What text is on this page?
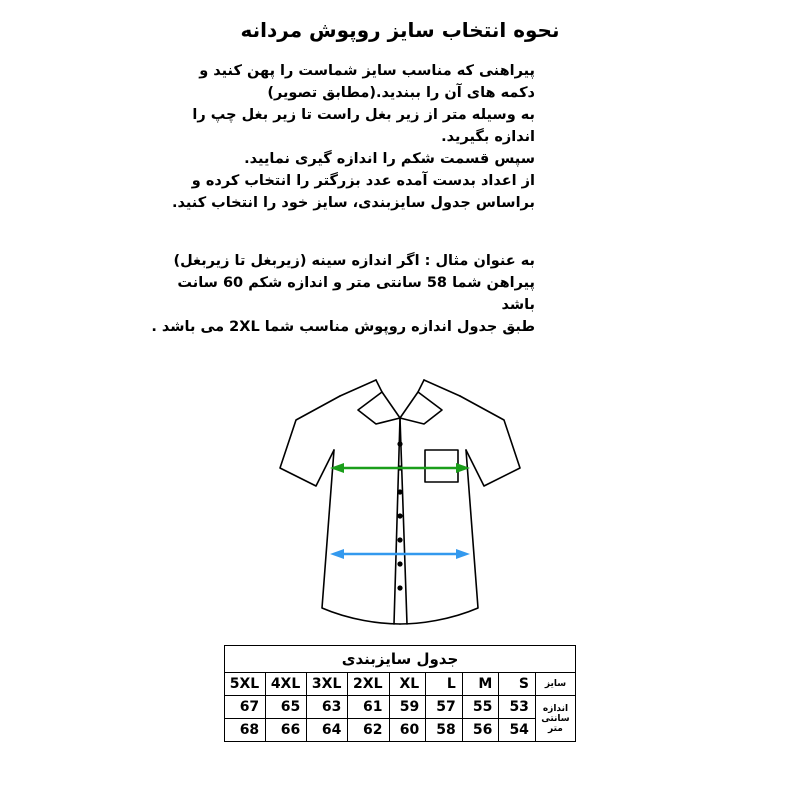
نحوه انتخاب سایز روپوش مردانه
پیراهنی که مناسب سایز شماست را پهن کنید و
دکمه های آن را ببندید.(مطابق تصویر)
به وسیله متر از زیر بغل راست تا زیر بغل چپ را
اندازه بگیرید.
سپس قسمت شکم را اندازه گیری نمایید.
از اعداد بدست آمده عدد بزرگتر را انتخاب کرده و
براساس جدول سایزبندی، سایز خود را انتخاب کنید.
به عنوان مثال : اگر اندازه سینه (زیربغل تا زیربغل)
پیراهن شما 58 سانتی متر و اندازه شکم 60 سانت
باشد
طبق جدول اندازه روپوش مناسب شما 2XL می باشد .
جدول سایزبندی								
سایز	S	M	L	XL	2XL	3XL	4XL	5XL

اندازه
سانتی متر	53	55	57	59	61	63	65	67
	54	56	58	60	62	64	66	68
